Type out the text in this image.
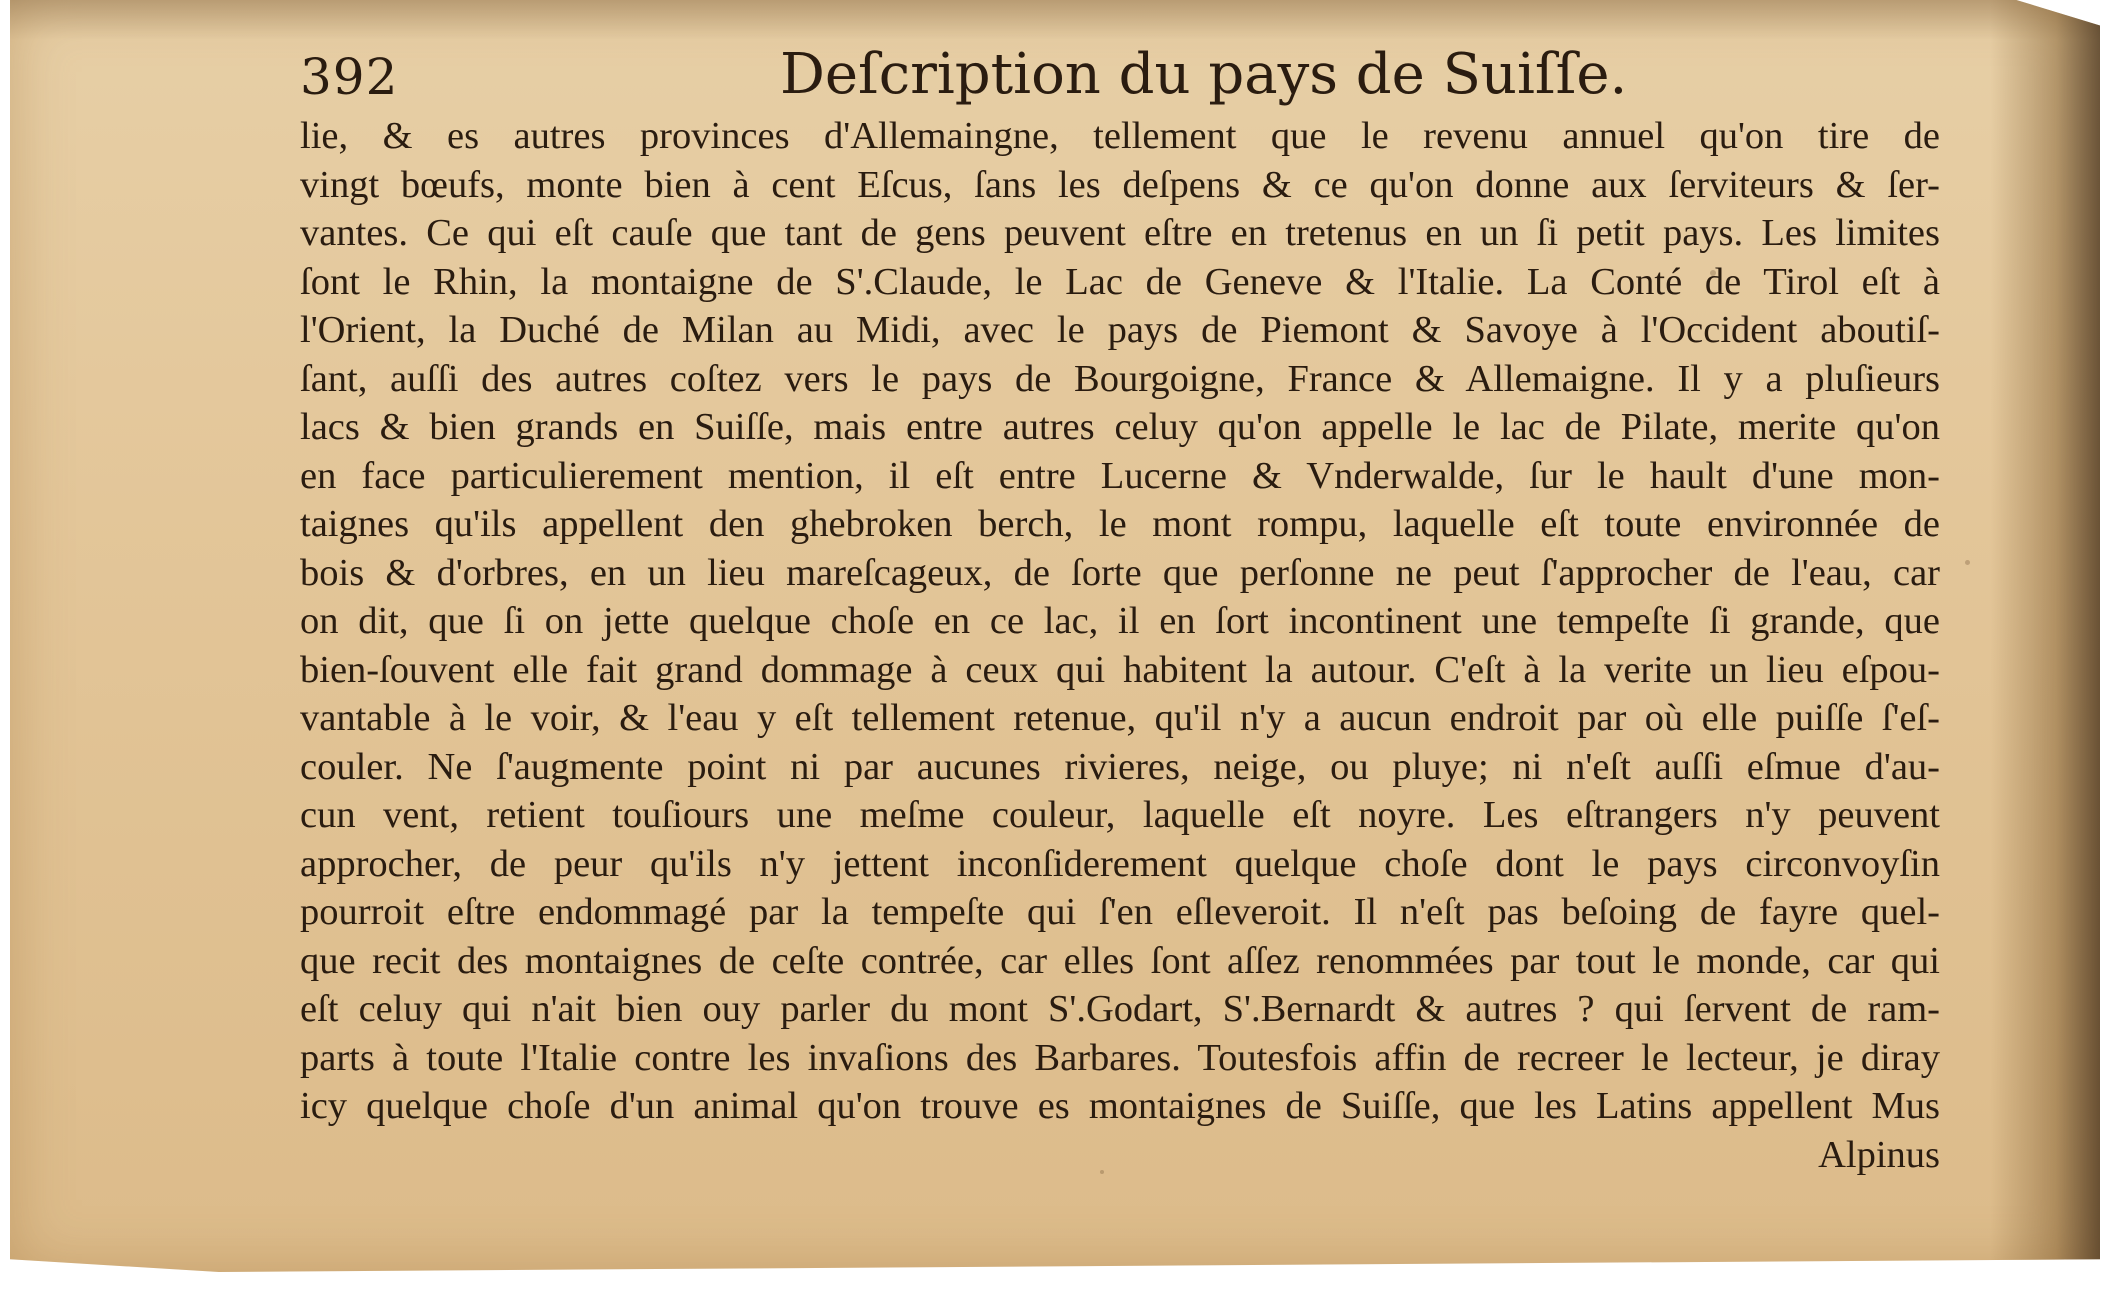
392	Deſcription du pays de Suiſſe.
lie, & es autres provinces d'Allemaingne, tellement que le revenu annuel qu'on tire de
vingt bœufs, monte bien à cent Eſcus, ſans les deſpens & ce qu'on donne aux ſerviteurs & ſer-
vantes. Ce qui eſt cauſe que tant de gens peuvent eſtre en tretenus en un ſi petit pays. Les limites
ſont le Rhin, la montaigne de S'.Claude, le Lac de Geneve & l'Italie. La Conté de Tirol eſt à
l'Orient, la Duché de Milan au Midi, avec le pays de Piemont & Savoye à l'Occident aboutiſ-
ſant, auſſi des autres coſtez vers le pays de Bourgoigne, France & Allemaigne. Il y a pluſieurs
lacs & bien grands en Suiſſe, mais entre autres celuy qu'on appelle le lac de Pilate, merite qu'on
en face particulierement mention, il eſt entre Lucerne & Vnderwalde, ſur le hault d'une mon-
taignes qu'ils appellent den ghebroken berch, le mont rompu, laquelle eſt toute environnée de
bois & d'orbres, en un lieu mareſcageux, de ſorte que perſonne ne peut ſ'approcher de l'eau, car
on dit, que ſi on jette quelque choſe en ce lac, il en ſort incontinent une tempeſte ſi grande, que
bien-ſouvent elle fait grand dommage à ceux qui habitent la autour. C'eſt à la verite un lieu eſpou-
vantable à le voir, & l'eau y eſt tellement retenue, qu'il n'y a aucun endroit par où elle puiſſe ſ'eſ-
couler. Ne ſ'augmente point ni par aucunes rivieres, neige, ou pluye; ni n'eſt auſſi eſmue d'au-
cun vent, retient touſiours une meſme couleur, laquelle eſt noyre. Les eſtrangers n'y peuvent
approcher, de peur qu'ils n'y jettent inconſiderement quelque choſe dont le pays circonvoyſin
pourroit eſtre endommagé par la tempeſte qui ſ'en eſleveroit. Il n'eſt pas beſoing de fayre quel-
que recit des montaignes de ceſte contrée, car elles ſont aſſez renommées par tout le monde, car qui
eſt celuy qui n'ait bien ouy parler du mont S'.Godart, S'.Bernardt & autres ? qui ſervent de ram-
parts à toute l'Italie contre les invaſions des Barbares. Toutesfois affin de recreer le lecteur, je diray
icy quelque choſe d'un animal qu'on trouve es montaignes de Suiſſe, que les Latins appellent Mus
Alpinus
